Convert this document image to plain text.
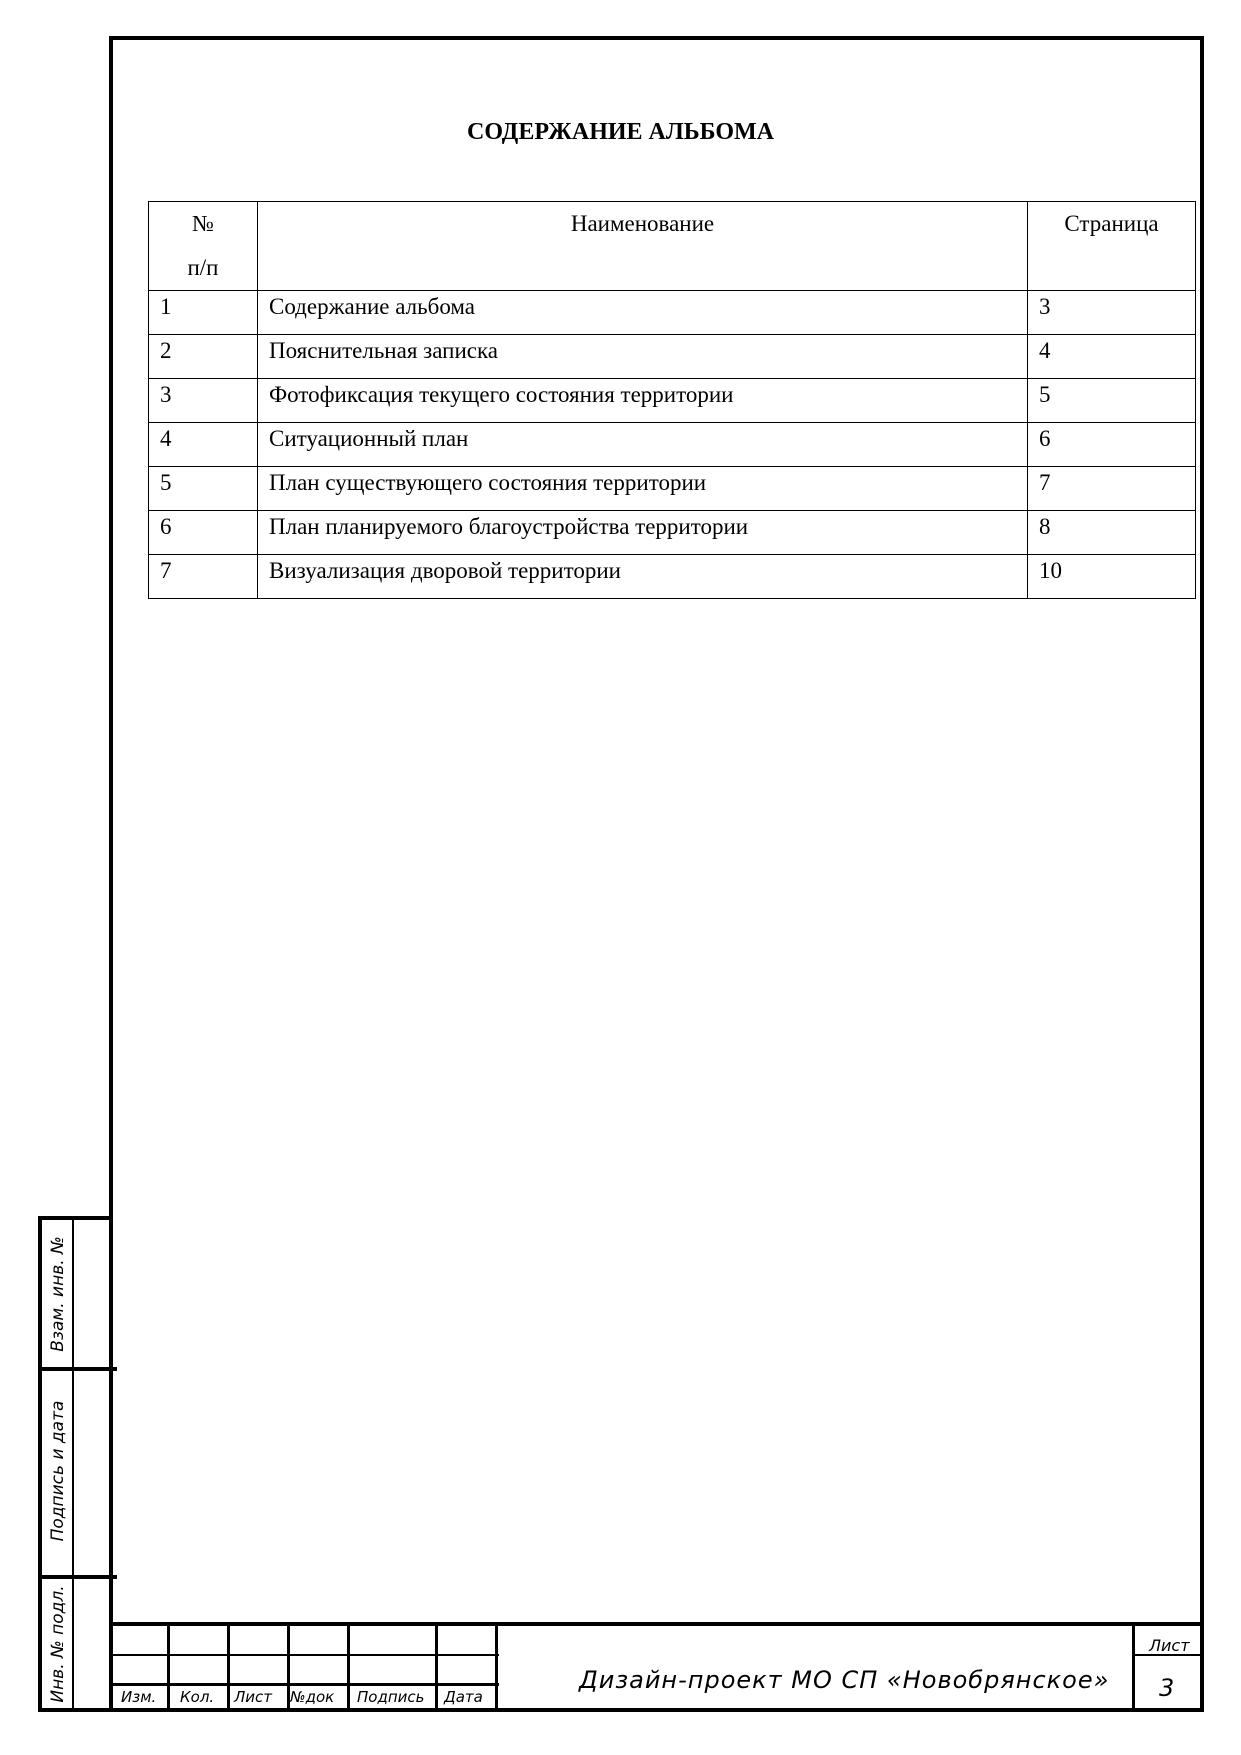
СОДЕРЖАНИЕ АЛЬБОМА
№
п/п	Наименование	Страница
1	Содержание альбома	3
2	Пояснительная записка	4
3	Фотофиксация текущего состояния территории	5
4	Ситуационный план	6
5	План существующего состояния территории	7
6	План планируемого благоустройства территории	8
7	Визуализация дворовой территории	10
Взам. инв. №
Подпись и дата
Инв. № подл.	Изм. Кол. Лист №док Подпись Дата
Дизайн-проект МО СП «Новобрянское»
Лист
3
